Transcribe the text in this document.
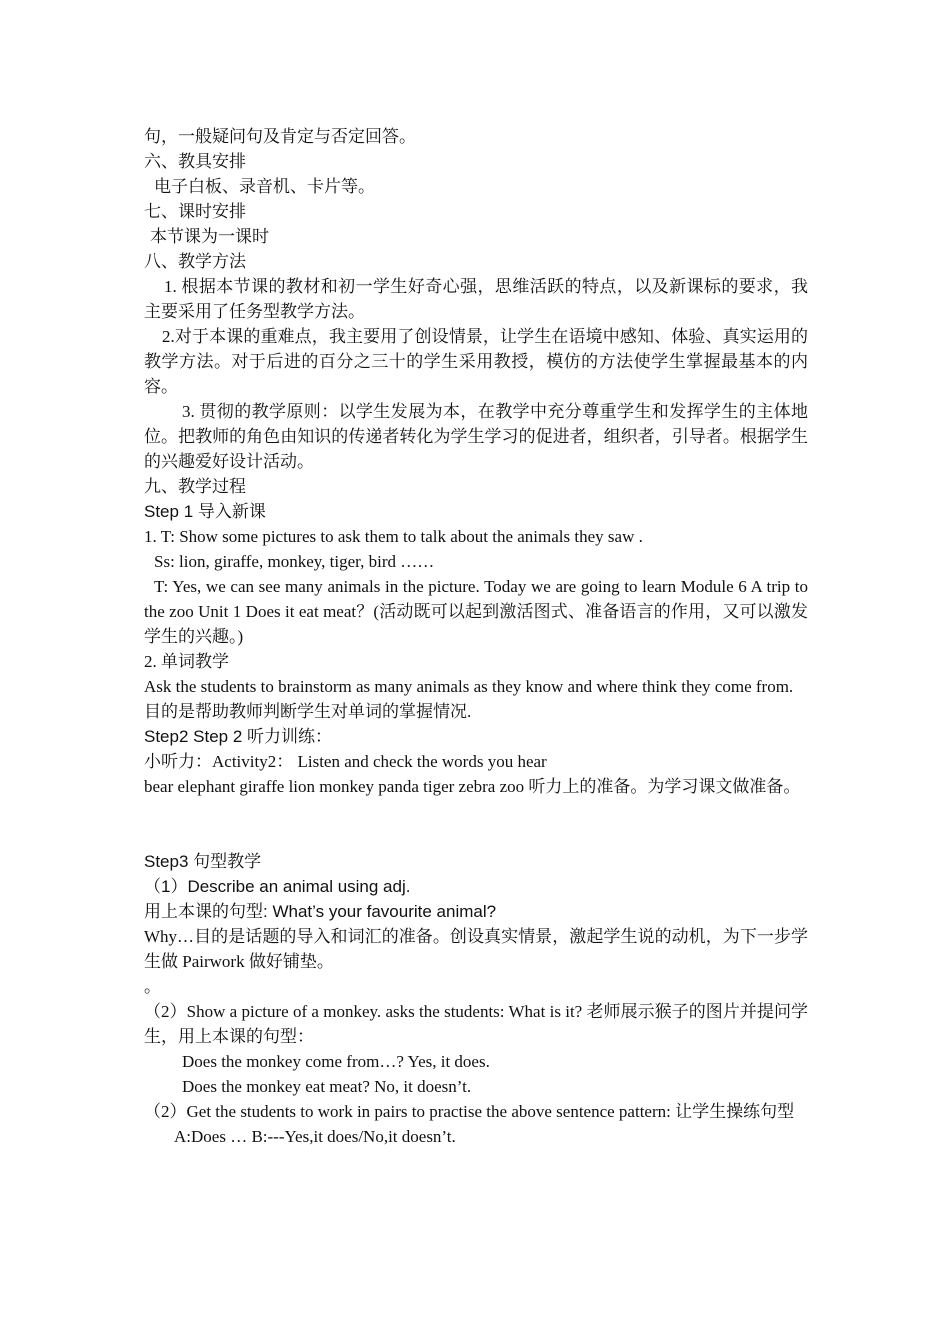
句，一般疑问句及肯定与否定回答。

六、教具安排

电子白板、录音机、卡片等。

七、课时安排

本节课为一课时

八、教学方法

1. 根据本节课的教材和初一学生好奇心强，思维活跃的特点，以及新课标的要求，我主要采用了任务型教学方法。

2.对于本课的重难点，我主要用了创设情景，让学生在语境中感知、体验、真实运用的教学方法。对于后进的百分之三十的学生采用教授，模仿的方法使学生掌握最基本的内容。

3. 贯彻的教学原则：以学生发展为本，在教学中充分尊重学生和发挥学生的主体地位。把教师的角色由知识的传递者转化为学生学习的促进者，组织者，引导者。根据学生的兴趣爱好设计活动。

九、教学过程

Step 1 导入新课

1. T: Show some pictures to ask them to talk about the animals they saw .

Ss: lion, giraffe, monkey, tiger, bird ……

T: Yes, we can see many animals in the picture. Today we are going to learn Module 6 A trip to the zoo Unit 1 Does it eat meat？(活动既可以起到激活图式、准备语言的作用，又可以激发学生的兴趣。)

2. 单词教学

Ask the students to brainstorm as many animals as they know and where think they come from.

目的是帮助教师判断学生对单词的掌握情况.

Step2 Step 2 听力训练：

小听力：Activity2： Listen and check the words you hear

bear elephant giraffe lion monkey panda tiger zebra zoo 听力上的准备。为学习课文做准备。

Step3 句型教学

（1）Describe an animal using adj.

用上本课的句型: What’s your favourite animal?

Why…目的是话题的导入和词汇的准备。创设真实情景，激起学生说的动机，为下一步学生做 Pairwork 做好铺垫。

。

（2）Show a picture of a monkey. asks the students: What is it? 老师展示猴子的图片并提问学生，用上本课的句型：

Does the monkey come from…? Yes, it does.

Does the monkey eat meat? No, it doesn’t.

（2）Get the students to work in pairs to practise the above sentence pattern: 让学生操练句型

A:Does … B:---Yes,it does/No,it doesn’t.
